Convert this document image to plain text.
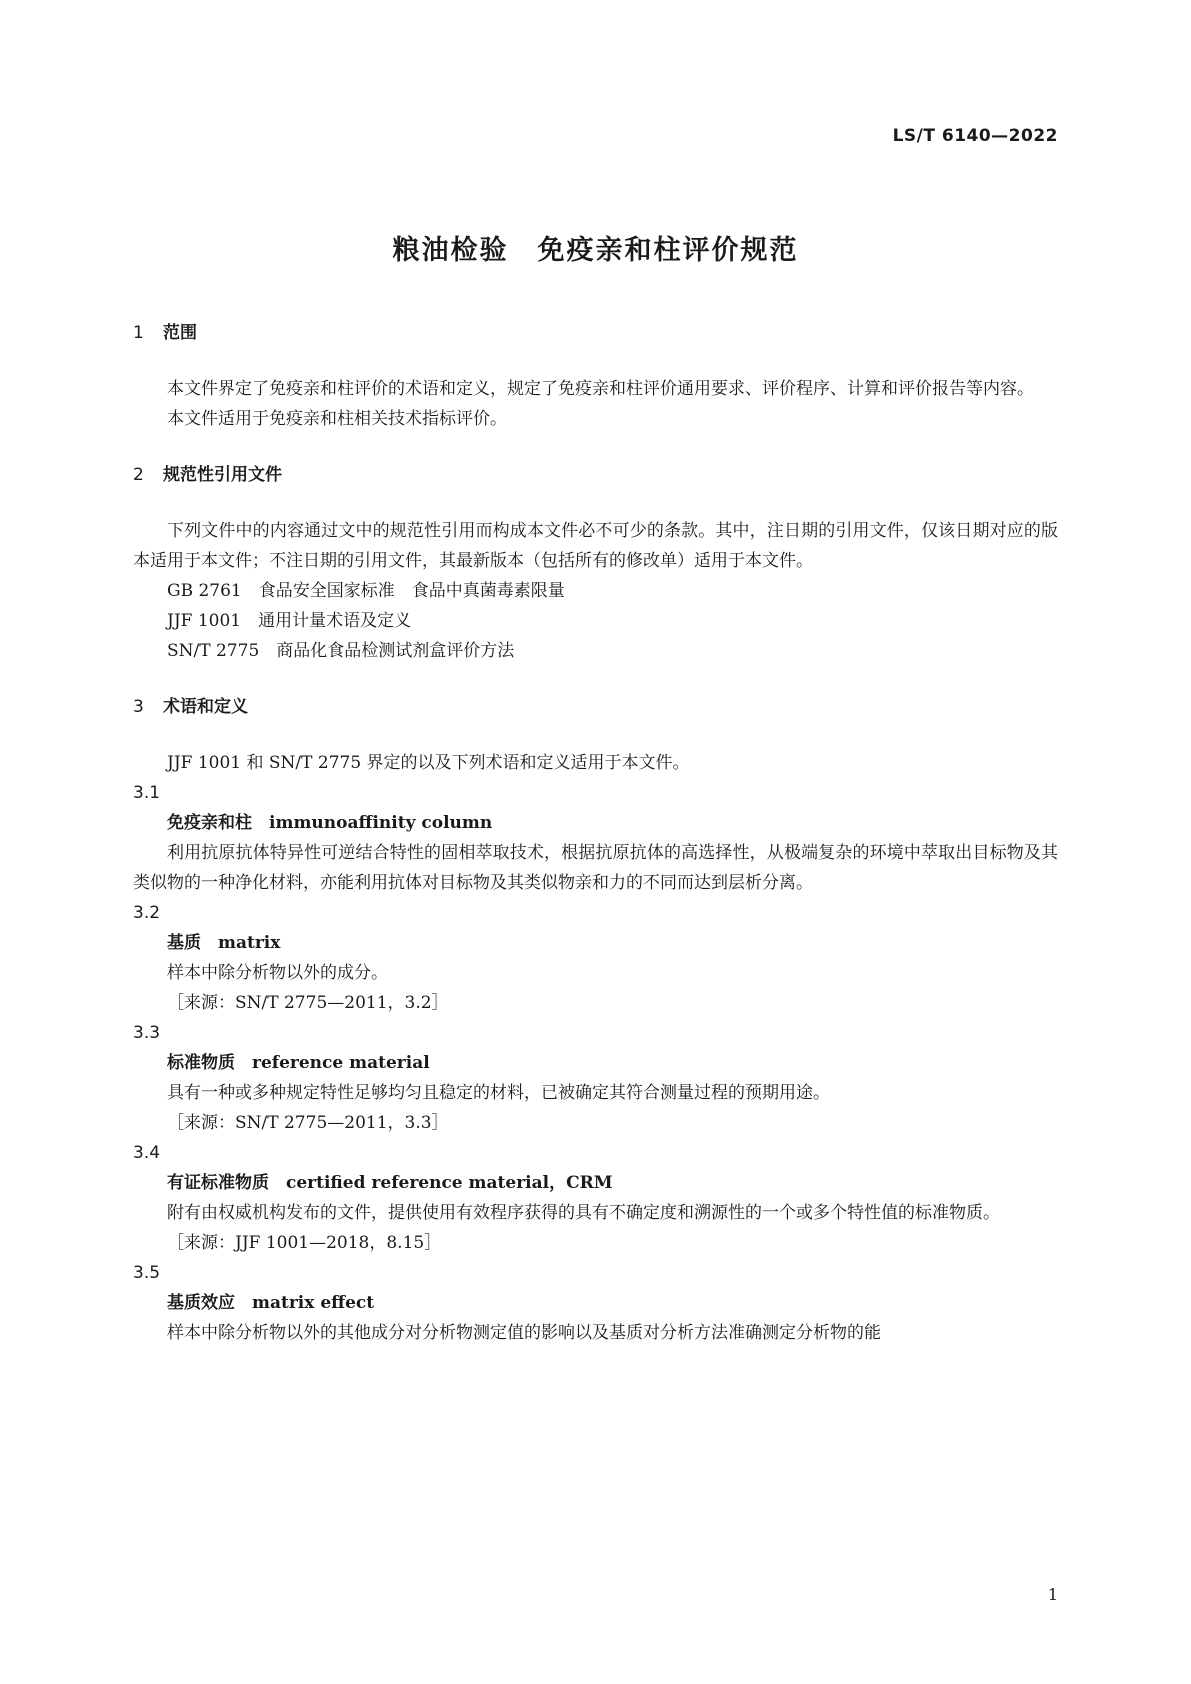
LS/T 6140—2022
粮油检验　免疫亲和柱评价规范
1 范围

本文件界定了免疫亲和柱评价的术语和定义，规定了免疫亲和柱评价通用要求、评价程序、计算和评价报告等内容。

本文件适用于免疫亲和柱相关技术指标评价。

2 规范性引用文件

下列文件中的内容通过文中的规范性引用而构成本文件必不可少的条款。其中，注日期的引用文件，仅该日期对应的版本适用于本文件；不注日期的引用文件，其最新版本（包括所有的修改单）适用于本文件。

GB 2761 食品安全国家标准　食品中真菌毒素限量
JJF 1001 通用计量术语及定义
SN/T 2775 商品化食品检测试剂盒评价方法
3 术语和定义

JJF 1001 和 SN/T 2775 界定的以及下列术语和定义适用于本文件。

3.1
免疫亲和柱 immunoaffinity column

利用抗原抗体特异性可逆结合特性的固相萃取技术，根据抗原抗体的高选择性，从极端复杂的环境中萃取出目标物及其类似物的一种净化材料，亦能利用抗体对目标物及其类似物亲和力的不同而达到层析分离。

3.2
基质 matrix

样本中除分析物以外的成分。

［来源：SN/T 2775—2011，3.2］
3.3
标准物质 reference material

具有一种或多种规定特性足够均匀且稳定的材料，已被确定其符合测量过程的预期用途。

［来源：SN/T 2775—2011，3.3］
3.4
有证标准物质 certified reference material，CRM

附有由权威机构发布的文件，提供使用有效程序获得的具有不确定度和溯源性的一个或多个特性值的标准物质。

［来源：JJF 1001—2018，8.15］
3.5
基质效应 matrix effect

样本中除分析物以外的其他成分对分析物测定值的影响以及基质对分析方法准确测定分析物的能

1
